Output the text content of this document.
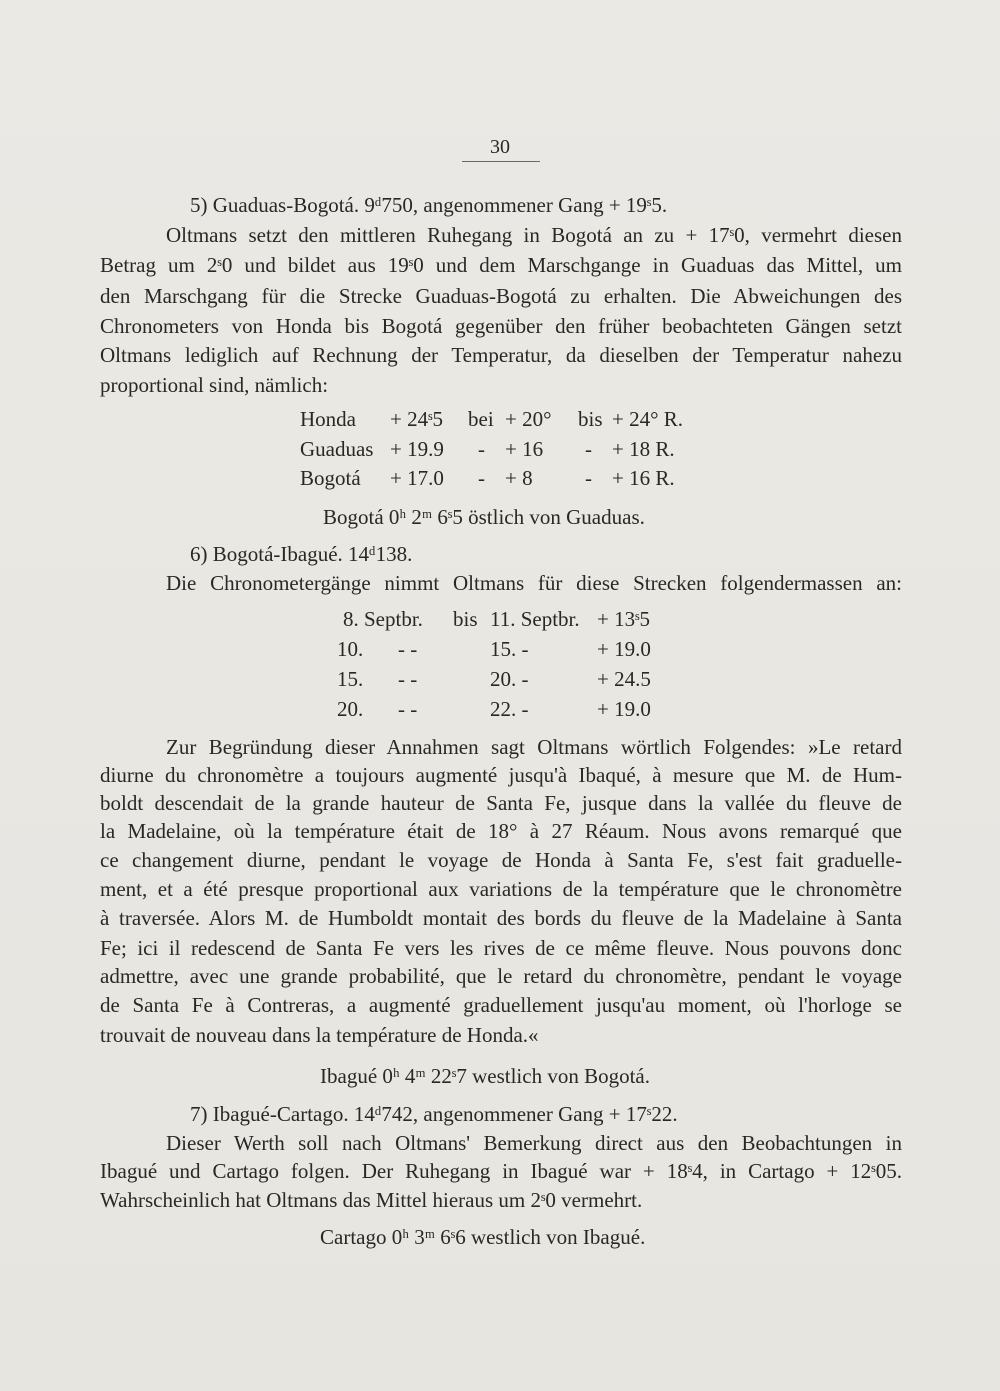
30
5) Guaduas-Bogotá. 9ᵈ750, angenommener Gang + 19ˢ5.
Oltmans setzt den mittleren Ruhegang in Bogotá an zu + 17ˢ0, vermehrt diesen
Betrag um 2ˢ0 und bildet aus 19ˢ0 und dem Marschgange in Guaduas das Mittel, um
den Marschgang für die Strecke Guaduas-Bogotá zu erhalten. Die Abweichungen des
Chronometers von Honda bis Bogotá gegenüber den früher beobachteten Gängen setzt
Oltmans lediglich auf Rechnung der Temperatur, da dieselben der Temperatur nahezu
proportional sind, nämlich:
Honda + 24ˢ5 bei + 20° bis + 24° R.
Guaduas + 19.9 - + 16 - + 18 R.
Bogotá + 17.0 - + 8 - + 16 R.
Bogotá 0ʰ 2ᵐ 6ˢ5 östlich von Guaduas.
6) Bogotá-Ibagué. 14ᵈ138.
Die Chronometergänge nimmt Oltmans für diese Strecken folgendermassen an:
8. Septbr. bis 11. Septbr. + 13ˢ5
10. - -	15. -	+ 19.0
15. - -	20. -	+ 24.5
20. - -	22. -	+ 19.0
Zur Begründung dieser Annahmen sagt Oltmans wörtlich Folgendes: »Le retard
diurne du chronomètre a toujours augmenté jusqu'à Ibaqué, à mesure que M. de Hum-
boldt descendait de la grande hauteur de Santa Fe, jusque dans la vallée du fleuve de
la Madelaine, où la température était de 18° à 27 Réaum. Nous avons remarqué que
ce changement diurne, pendant le voyage de Honda à Santa Fe, s'est fait graduelle-
ment, et a été presque proportional aux variations de la température que le chronomètre
à traversée. Alors M. de Humboldt montait des bords du fleuve de la Madelaine à Santa
Fe; ici il redescend de Santa Fe vers les rives de ce même fleuve. Nous pouvons donc
admettre, avec une grande probabilité, que le retard du chronomètre, pendant le voyage
de Santa Fe à Contreras, a augmenté graduellement jusqu'au moment, où l'horloge se
trouvait de nouveau dans la température de Honda.«
Ibagué 0ʰ 4ᵐ 22ˢ7 westlich von Bogotá.
7) Ibagué-Cartago. 14ᵈ742, angenommener Gang + 17ˢ22.
Dieser Werth soll nach Oltmans' Bemerkung direct aus den Beobachtungen in
Ibagué und Cartago folgen. Der Ruhegang in Ibagué war + 18ˢ4, in Cartago + 12ˢ05.
Wahrscheinlich hat Oltmans das Mittel hieraus um 2ˢ0 vermehrt.
Cartago 0ʰ 3ᵐ 6ˢ6 westlich von Ibagué.
